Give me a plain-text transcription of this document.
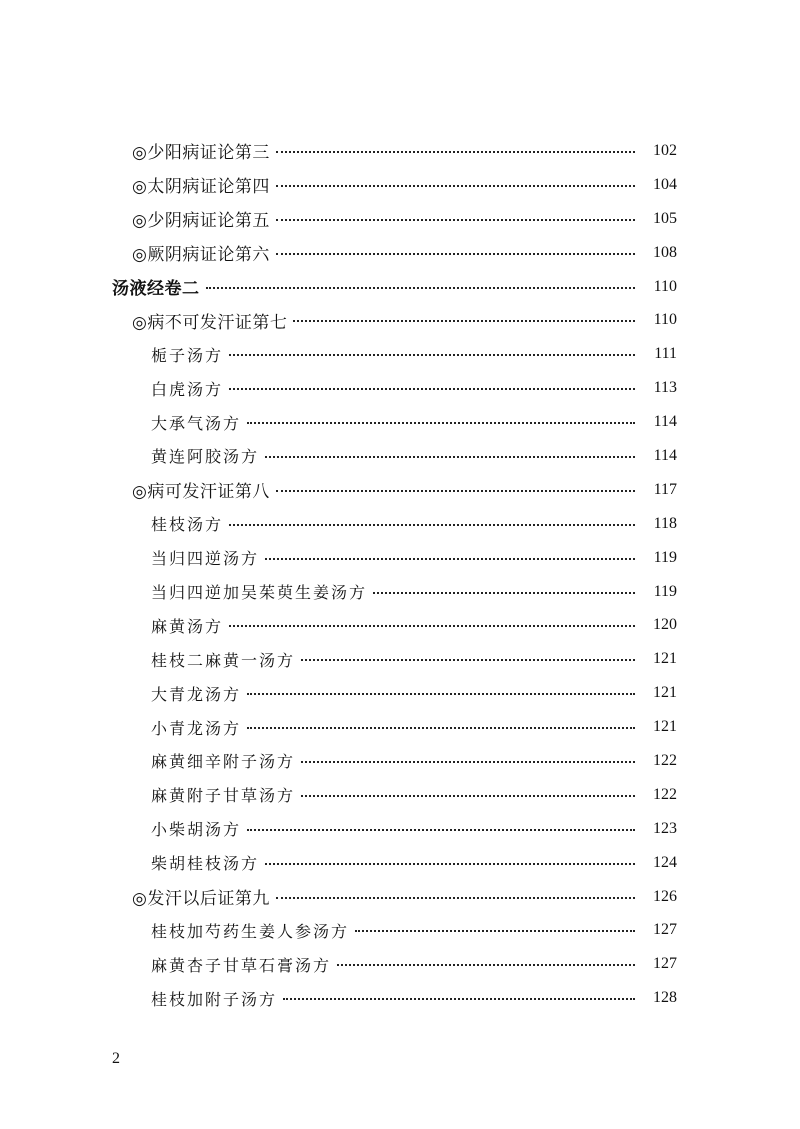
◎少阳病证论第三	102
◎太阴病证论第四	104
◎少阴病证论第五	105
◎厥阴病证论第六	108
汤液经卷二	110
◎病不可发汗证第七	110
栀子汤方	111
白虎汤方	113
大承气汤方	114
黄连阿胶汤方	114
◎病可发汗证第八	117
桂枝汤方	118
当归四逆汤方	119
当归四逆加吴茱萸生姜汤方	119
麻黄汤方	120
桂枝二麻黄一汤方	121
大青龙汤方	121
小青龙汤方	121
麻黄细辛附子汤方	122
麻黄附子甘草汤方	122
小柴胡汤方	123
柴胡桂枝汤方	124
◎发汗以后证第九	126
桂枝加芍药生姜人参汤方	127
麻黄杏子甘草石膏汤方	127
桂枝加附子汤方	128
2
